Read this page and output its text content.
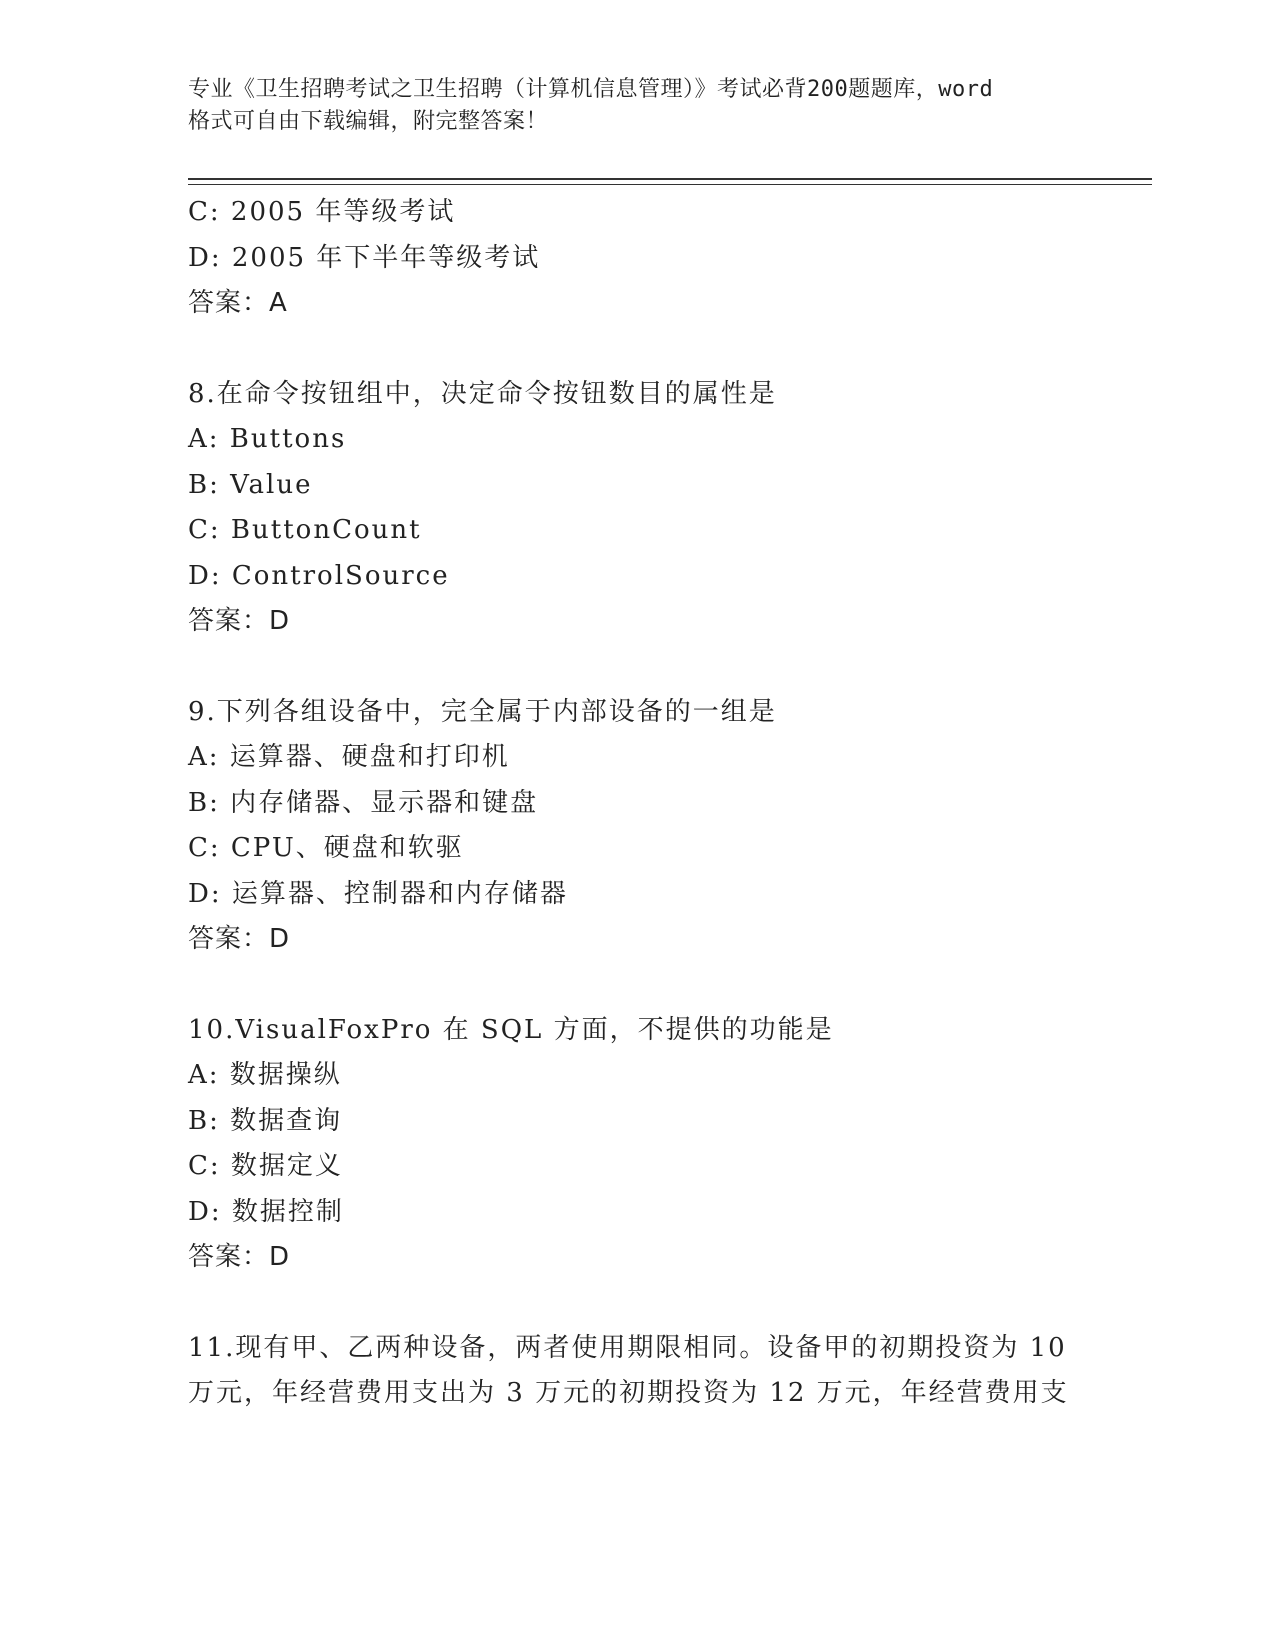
专业《卫生招聘考试之卫生招聘（计算机信息管理）》考试必背200题题库，word
格式可自由下载编辑，附完整答案！
C: 2005 年等级考试
D: 2005 年下半年等级考试
答案：A
8.在命令按钮组中，决定命令按钮数目的属性是
A: Buttons
B: Value
C: ButtonCount
D: ControlSource
答案：D
9.下列各组设备中，完全属于内部设备的一组是
A: 运算器、硬盘和打印机
B: 内存储器、显示器和键盘
C: CPU、硬盘和软驱
D: 运算器、控制器和内存储器
答案：D
10.VisualFoxPro 在 SQL 方面，不提供的功能是
A: 数据操纵
B: 数据查询
C: 数据定义
D: 数据控制
答案：D
11.现有甲、乙两种设备，两者使用期限相同。设备甲的初期投资为 10
万元，年经营费用支出为 3 万元的初期投资为 12 万元，年经营费用支
